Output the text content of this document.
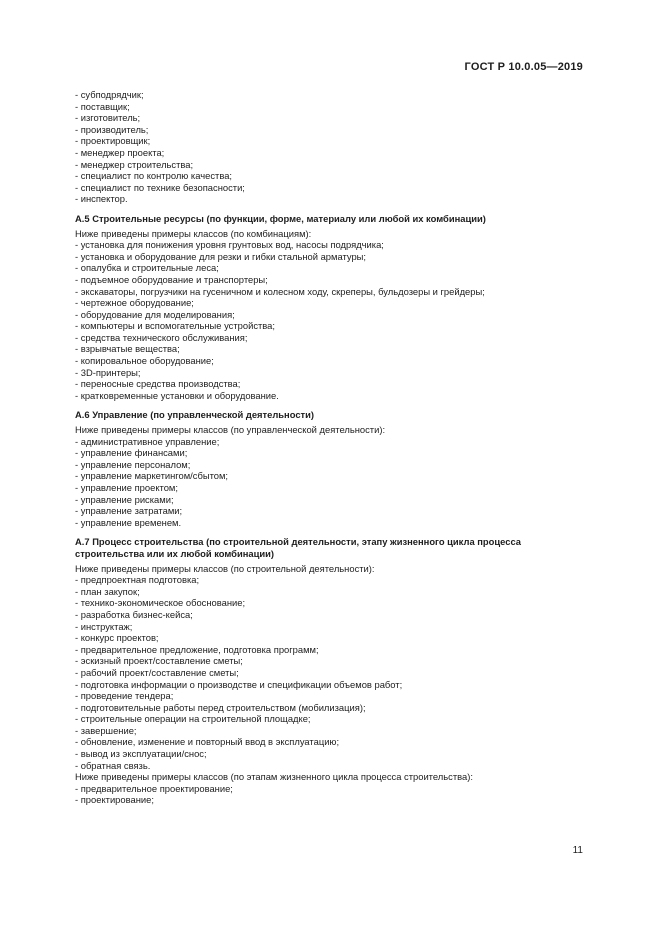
ГОСТ Р 10.0.05—2019
- субподрядчик;
- поставщик;
- изготовитель;
- производитель;
- проектировщик;
- менеджер проекта;
- менеджер строительства;
- специалист по контролю качества;
- специалист по технике безопасности;
- инспектор.
А.5 Строительные ресурсы (по функции, форме, материалу или любой их комбинации)
Ниже приведены примеры классов (по комбинациям):
- установка для понижения уровня грунтовых вод, насосы подрядчика;
- установка и оборудование для резки и гибки стальной арматуры;
- опалубка и строительные леса;
- подъемное оборудование и транспортеры;
- экскаваторы, погрузчики на гусеничном и колесном ходу, скреперы, бульдозеры и грейдеры;
- чертежное оборудование;
- оборудование для моделирования;
- компьютеры и вспомогательные устройства;
- средства технического обслуживания;
- взрывчатые вещества;
- копировальное оборудование;
- 3D-принтеры;
- переносные средства производства;
- кратковременные установки и оборудование.
А.6 Управление (по управленческой деятельности)
Ниже приведены примеры классов (по управленческой деятельности):
- административное управление;
- управление финансами;
- управление персоналом;
- управление маркетингом/сбытом;
- управление проектом;
- управление рисками;
- управление затратами;
- управление временем.
А.7 Процесс строительства (по строительной деятельности, этапу жизненного цикла процесса
строительства или их любой комбинации)
Ниже приведены примеры классов (по строительной деятельности):
- предпроектная подготовка;
- план закупок;
- технико-экономическое обоснование;
- разработка бизнес-кейса;
- инструктаж;
- конкурс проектов;
- предварительное предложение, подготовка программ;
- эскизный проект/составление сметы;
- рабочий проект/составление сметы;
- подготовка информации о производстве и спецификации объемов работ;
- проведение тендера;
- подготовительные работы перед строительством (мобилизация);
- строительные операции на строительной площадке;
- завершение;
- обновление, изменение и повторный ввод в эксплуатацию;
- вывод из эксплуатации/снос;
- обратная связь.
Ниже приведены примеры классов (по этапам жизненного цикла процесса строительства):
- предварительное проектирование;
- проектирование;
11
